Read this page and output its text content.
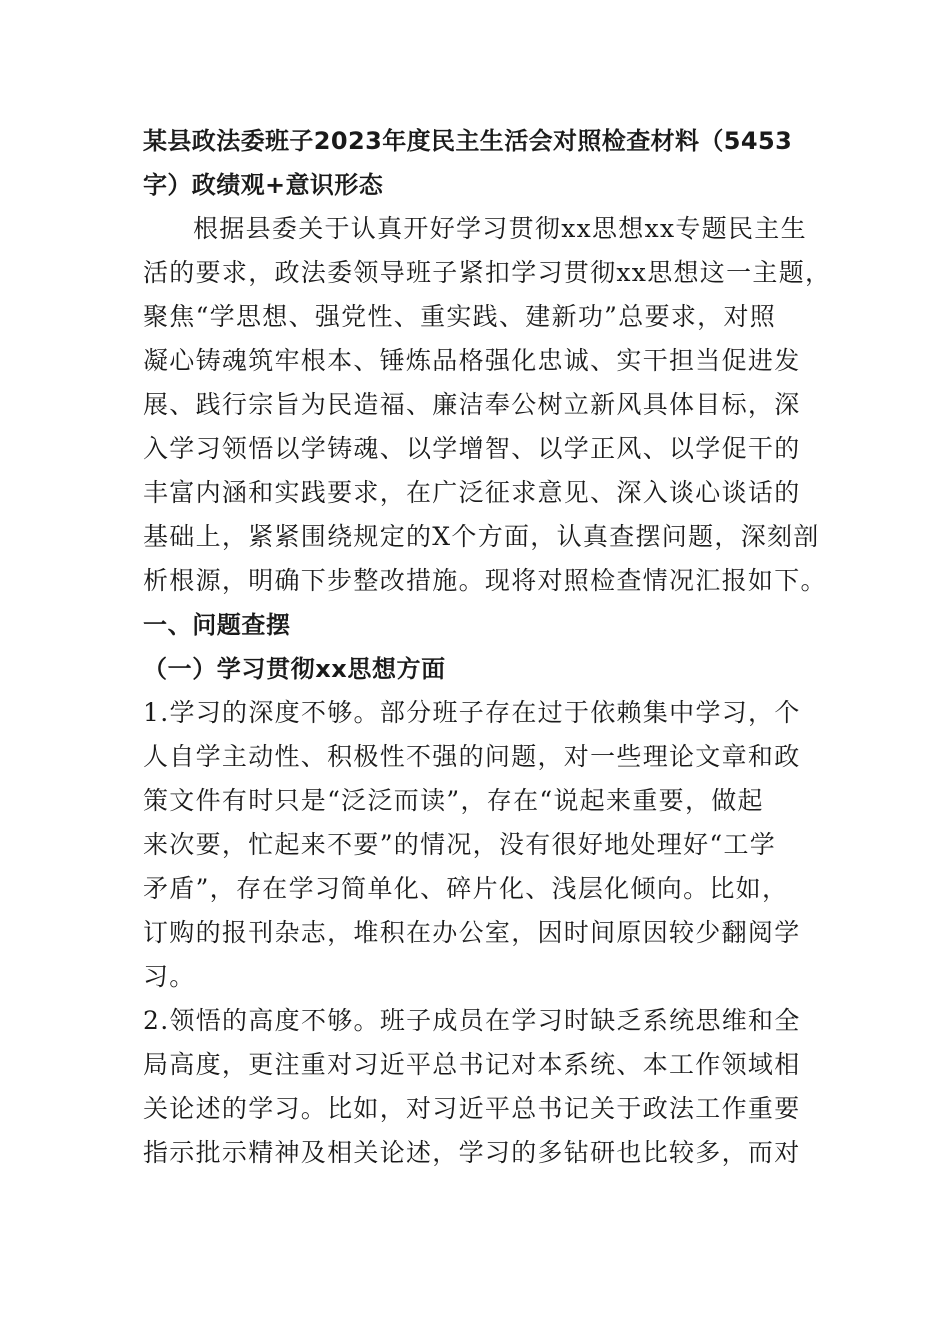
某县政法委班子2023年度民主生活会对照检查材料（5453
字）政绩观+意识形态
根据县委关于认真开好学习贯彻xx思想xx专题民主生
活的要求，政法委领导班子紧扣学习贯彻xx思想这一主题，
聚焦“学思想、强党性、重实践、建新功”总要求，对照
凝心铸魂筑牢根本、锤炼品格强化忠诚、实干担当促进发
展、践行宗旨为民造福、廉洁奉公树立新风具体目标，深
入学习领悟以学铸魂、以学增智、以学正风、以学促干的
丰富内涵和实践要求，在广泛征求意见、深入谈心谈话的
基础上，紧紧围绕规定的X个方面，认真查摆问题，深刻剖
析根源，明确下步整改措施。现将对照检查情况汇报如下。
一、问题查摆
（一）学习贯彻xx思想方面
1.学习的深度不够。部分班子存在过于依赖集中学习，个
人自学主动性、积极性不强的问题，对一些理论文章和政
策文件有时只是“泛泛而读”，存在“说起来重要，做起
来次要，忙起来不要”的情况，没有很好地处理好“工学
矛盾”，存在学习简单化、碎片化、浅层化倾向。比如，
订购的报刊杂志，堆积在办公室，因时间原因较少翻阅学
习。
2.领悟的高度不够。班子成员在学习时缺乏系统思维和全
局高度，更注重对习近平总书记对本系统、本工作领域相
关论述的学习。比如，对习近平总书记关于政法工作重要
指示批示精神及相关论述，学习的多钻研也比较多，而对
